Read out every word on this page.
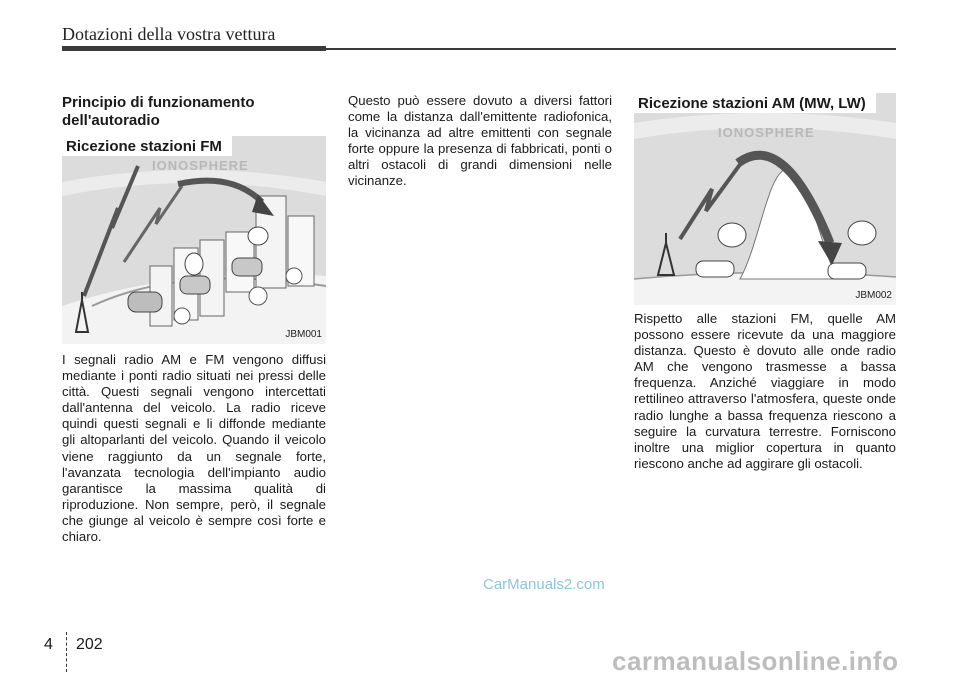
Dotazioni della vostra vettura
Principio di funzionamento dell'autoradio
Ricezione stazioni FM
IONOSPHERE
JBM001
I segnali radio AM e FM vengono diffusi mediante i ponti radio situati nei pressi delle città. Questi segnali vengono intercettati dall'antenna del veicolo. La radio riceve quindi questi segnali e li diffonde mediante gli altoparlanti del veicolo. Quando il veicolo viene raggiunto da un segnale forte, l'avanzata tecnologia dell'impianto audio garantisce la massima qualità di riproduzione. Non sempre, però, il segnale che giunge al veicolo è sempre così forte e chiaro.
Questo può essere dovuto a diversi fattori come la distanza dall'emittente radiofonica, la vicinanza ad altre emittenti con segnale forte oppure la presenza di fabbricati, ponti o altri ostacoli di grandi dimensioni nelle vicinanze.
Ricezione stazioni AM (MW, LW)
IONOSPHERE
JBM002
Rispetto alle stazioni FM, quelle AM possono essere ricevute da una maggiore distanza. Questo è dovuto alle onde radio AM che vengono trasmesse a bassa frequenza. Anziché viaggiare in modo rettilineo attraverso l'atmosfera, queste onde radio lunghe a bassa frequenza riescono a seguire la curvatura terrestre. Forniscono inoltre una miglior copertura in quanto riescono anche ad aggirare gli ostacoli.
CarManuals2.com
4 202
carmanualsonline.info
